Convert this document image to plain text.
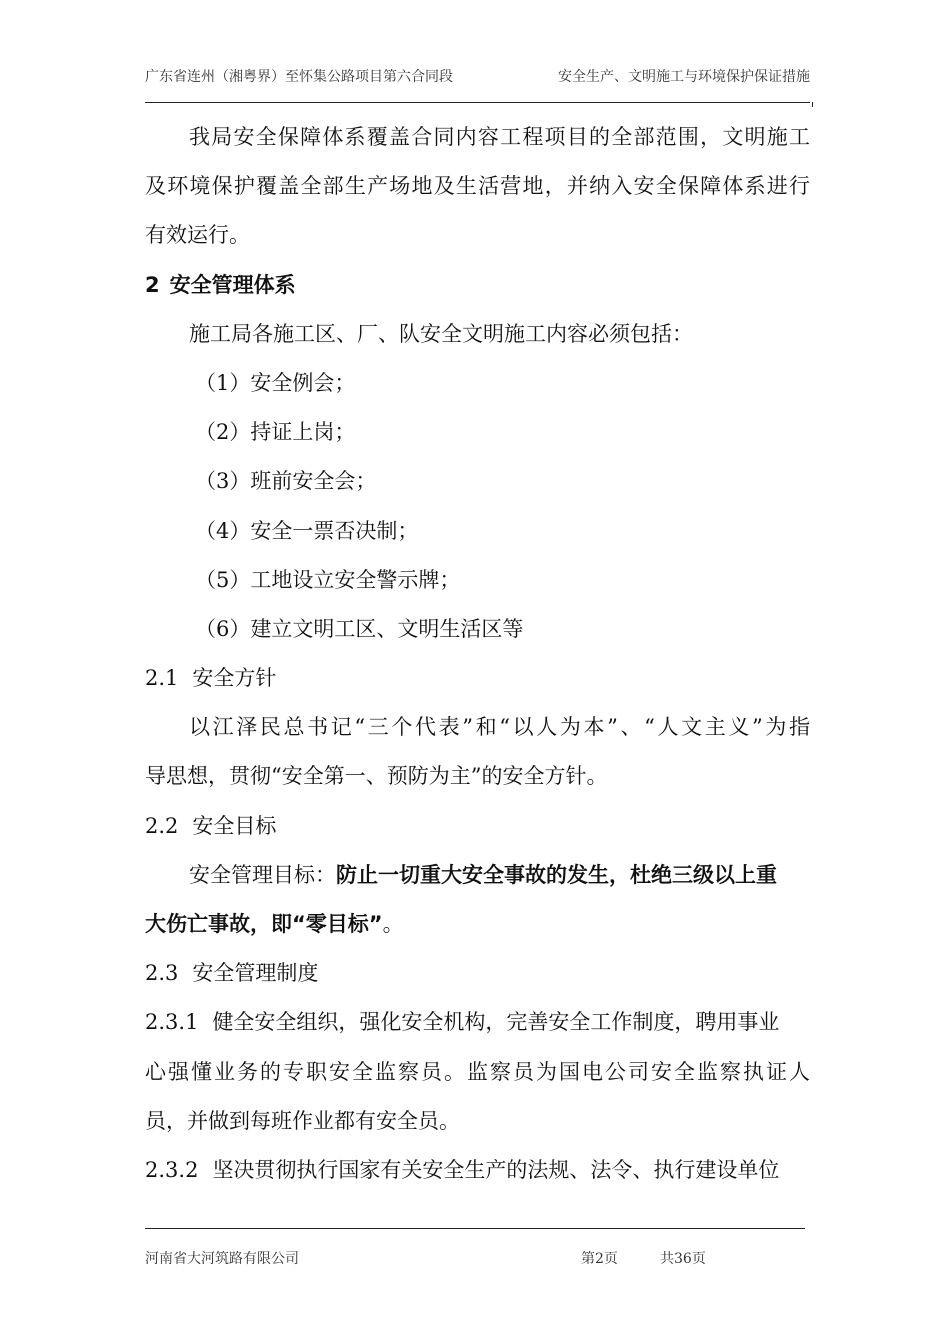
广东省连州（湘粤界）至怀集公路项目第六合同段	安全生产、文明施工与环境保护保证措施
我局安全保障体系覆盖合同内容工程项目的全部范围，文明施工
及环境保护覆盖全部生产场地及生活营地，并纳入安全保障体系进行
有效运行。
2 安全管理体系
施工局各施工区、厂、队安全文明施工内容必须包括：
（1）安全例会；
（2）持证上岗；
（3）班前安全会；
（4）安全一票否决制；
（5）工地设立安全警示牌；
（6）建立文明工区、文明生活区等
2.1 安全方针
以江泽民总书记“三个代表”和“以人为本”、“人文主义”为指
导思想，贯彻“安全第一、预防为主”的安全方针。
2.2 安全目标
安全管理目标：防止一切重大安全事故的发生，杜绝三级以上重
大伤亡事故，即“零目标”。
2.3 安全管理制度
2.3.1 健全安全组织，强化安全机构，完善安全工作制度，聘用事业
心强懂业务的专职安全监察员。监察员为国电公司安全监察执证人
员，并做到每班作业都有安全员。
2.3.2 坚决贯彻执行国家有关安全生产的法规、法令、执行建设单位
河南省大河筑路有限公司	第2页	共36页
